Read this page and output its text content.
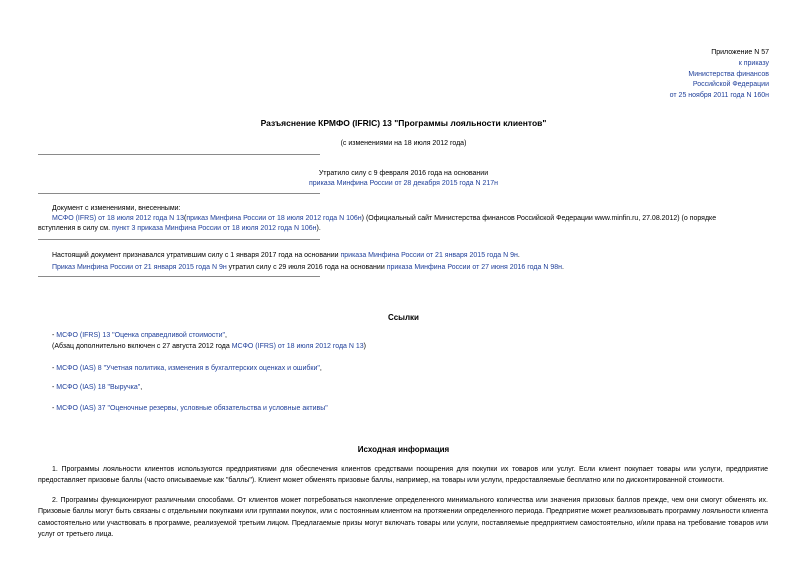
Приложение N 57
к приказу
Министерства финансов
Российской Федерации
от 25 ноября 2011 года N 160н
Разъяснение КРМФО (IFRIC) 13 "Программы лояльности клиентов"
(с изменениями на 18 июля 2012 года)
Утратило силу с 9 февраля 2016 года на основании
приказа Минфина России от 28 декабря 2015 года N 217н
Документ с изменениями, внесенными:
МСФО (IFRS) от 18 июля 2012 года N 13(приказ Минфина России от 18 июля 2012 года N 106н) (Официальный сайт Министерства финансов Российской Федерации www.minfin.ru, 27.08.2012) (о порядке
вступления в силу см. пункт 3 приказа Минфина России от 18 июля 2012 года N 106н).
Настоящий документ признавался утратившим силу с 1 января 2017 года на основании приказа Минфина России от 21 января 2015 года N 9н.
Приказ Минфина России от 21 января 2015 года N 9н утратил силу с 29 июля 2016 года на основании приказа Минфина России от 27 июня 2016 года N 98н.
Ссылки
- МСФО (IFRS) 13 "Оценка справедливой стоимости",
(Абзац дополнительно включен с 27 августа 2012 года МСФО (IFRS) от 18 июля 2012 года N 13)
- МСФО (IAS) 8 "Учетная политика, изменения в бухгалтерских оценках и ошибки",
- МСФО (IAS) 18 "Выручка",
- МСФО (IAS) 37 "Оценочные резервы, условные обязательства и условные активы"
Исходная информация

1. Программы лояльности клиентов используются предприятиями для обеспечения клиентов средствами поощрения для покупки их товаров или услуг. Если клиент покупает товары или услуги, предприятие предоставляет призовые баллы (часто описываемые как "баллы"). Клиент может обменять призовые баллы, например, на товары или услуги, предоставляемые бесплатно или по дисконтированной стоимости.

2. Программы функционируют различными способами. От клиентов может потребоваться накопление определенного минимального количества или значения призовых баллов прежде, чем они смогут обменять их. Призовые баллы могут быть связаны с отдельными покупками или группами покупок, или с постоянным клиентом на протяжении определенного периода. Предприятие может реализовывать программу лояльности клиента самостоятельно или участвовать в программе, реализуемой третьим лицом. Предлагаемые призы могут включать товары или услуги, поставляемые предприятием самостоятельно, и/или права на требование товаров или услуг от третьего лица.
